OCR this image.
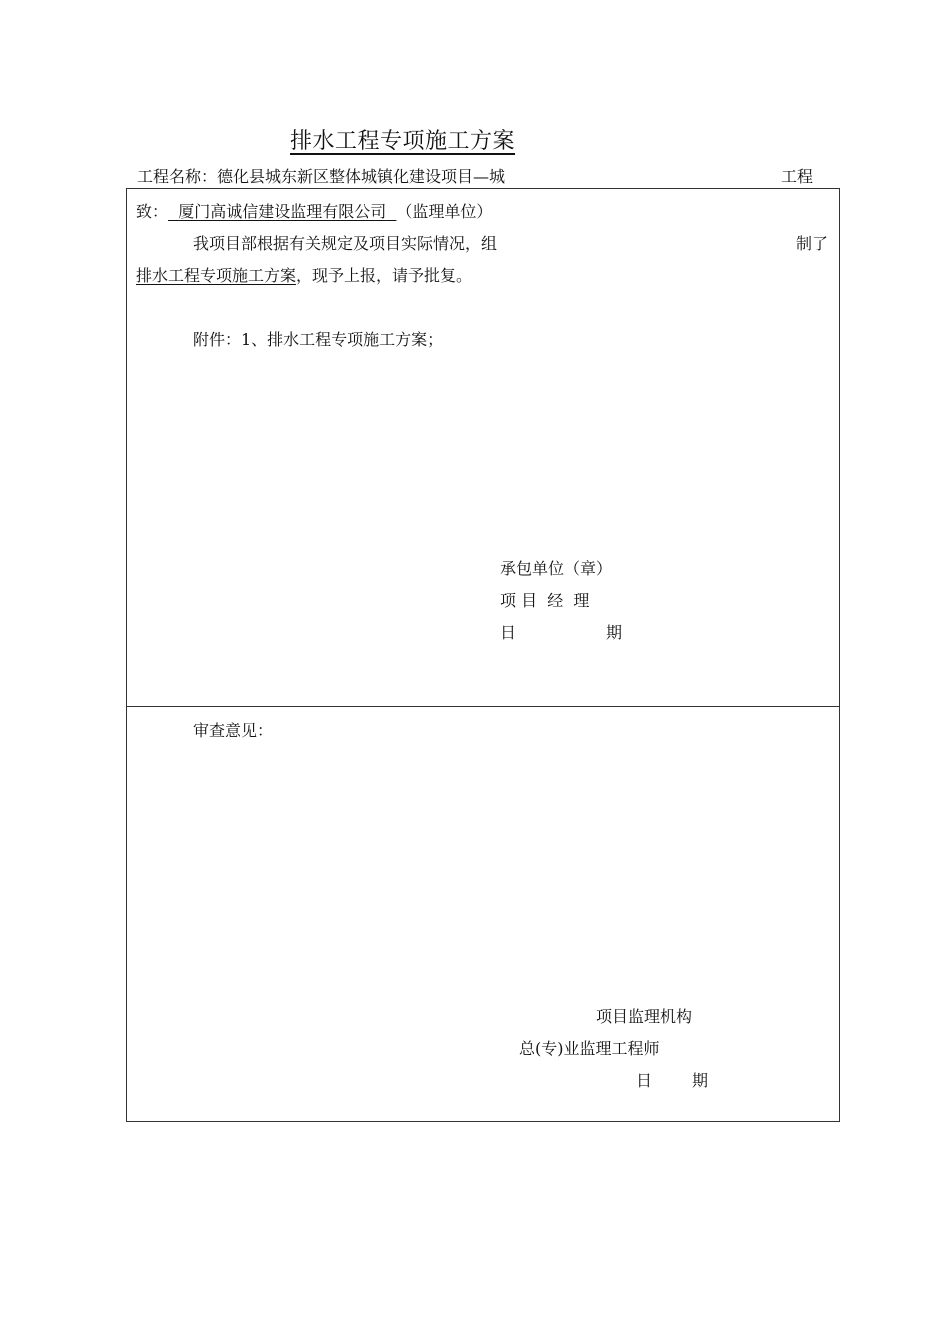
排水工程专项施工方案
工程名称：德化县城东新区整体城镇化建设项目—城	工程
致： 厦门高诚信建设监理有限公司 （监理单位）
我项目部根据有关规定及项目实际情况，组	制了
排水工程专项施工方案，现予上报，请予批复。
附件：1、排水工程专项施工方案；
承包单位（章）
项 目  经  理
日	期
审查意见：
项目监理机构
总(专)业监理工程师
日 期
